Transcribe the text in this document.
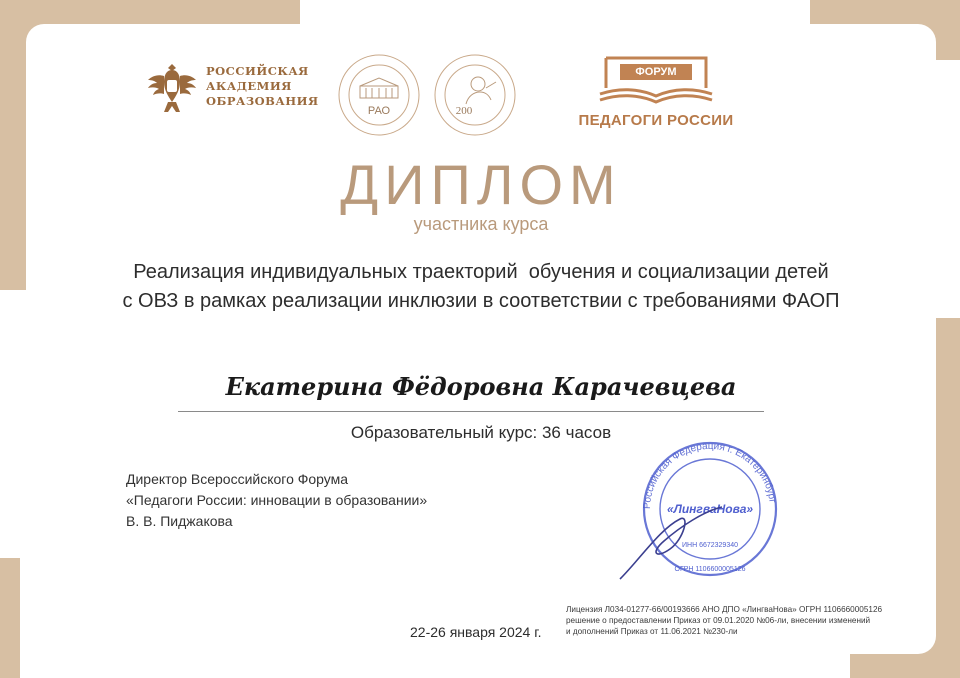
РОССИЙСКАЯ
АКАДЕМИЯ
ОБРАЗОВАНИЯ
РАО	200
ФОРУМ
ПЕДАГОГИ РОССИИ
ДИПЛОМ
участника курса
Реализация индивидуальных траекторий  обучения и социализации детей
с ОВЗ в рамках реализации инклюзии в соответствии с требованиями ФАОП
Екатерина Фёдоровна Карачевцева
Образовательный курс: 36 часов
Директор Всероссийского Форума
«Педагоги России: инновации в образовании»
В. В. Пиджакова
Российская Федерация г. Екатеринбург
«ЛингваНова»
ИНН 6672329340
ОГРН 1106600005126
Лицензия Л034-01277-66/00193666 АНО ДПО «ЛингваНова» ОГРН 1106660005126
решение о предоставлении Приказ от 09.01.2020 №06-ли, внесении изменений
и дополнений Приказ от 11.06.2021 №230-ли
22-26 января 2024 г.
